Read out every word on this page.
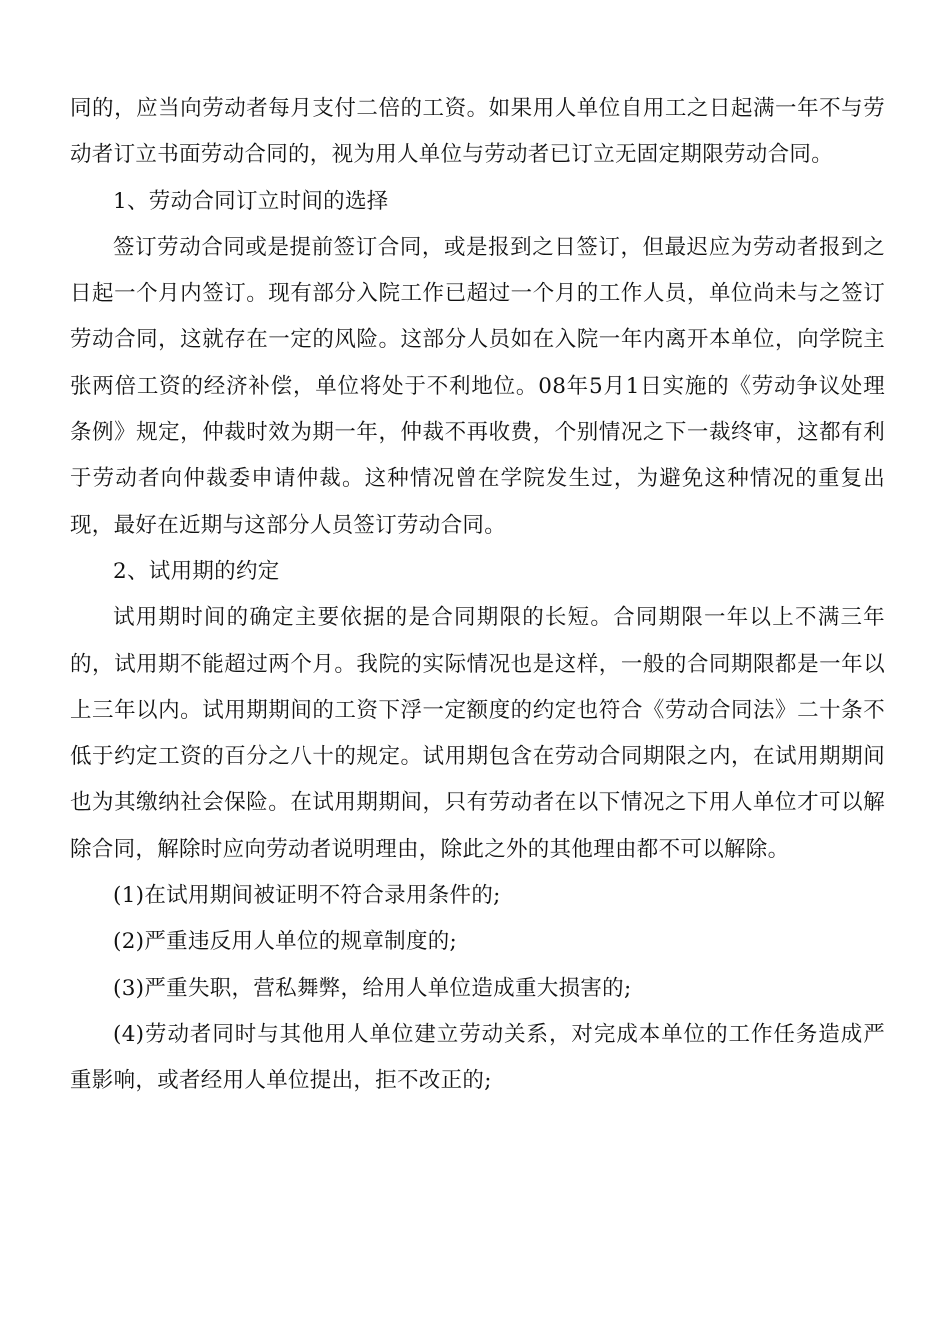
同的，应当向劳动者每月支付二倍的工资。如果用人单位自用工之日起满一年不与劳动者订立书面劳动合同的，视为用人单位与劳动者已订立无固定期限劳动合同。

1、劳动合同订立时间的选择

签订劳动合同或是提前签订合同，或是报到之日签订，但最迟应为劳动者报到之日起一个月内签订。现有部分入院工作已超过一个月的工作人员，单位尚未与之签订劳动合同，这就存在一定的风险。这部分人员如在入院一年内离开本单位，向学院主张两倍工资的经济补偿，单位将处于不利地位。08年5月1日实施的《劳动争议处理条例》规定，仲裁时效为期一年，仲裁不再收费，个别情况之下一裁终审，这都有利于劳动者向仲裁委申请仲裁。这种情况曾在学院发生过，为避免这种情况的重复出现，最好在近期与这部分人员签订劳动合同。

2、试用期的约定

试用期时间的确定主要依据的是合同期限的长短。合同期限一年以上不满三年的，试用期不能超过两个月。我院的实际情况也是这样，一般的合同期限都是一年以上三年以内。试用期期间的工资下浮一定额度的约定也符合《劳动合同法》二十条不低于约定工资的百分之八十的规定。试用期包含在劳动合同期限之内，在试用期期间也为其缴纳社会保险。在试用期期间，只有劳动者在以下情况之下用人单位才可以解除合同，解除时应向劳动者说明理由，除此之外的其他理由都不可以解除。

(1)在试用期间被证明不符合录用条件的;

(2)严重违反用人单位的规章制度的;

(3)严重失职，营私舞弊，给用人单位造成重大损害的;

(4)劳动者同时与其他用人单位建立劳动关系，对完成本单位的工作任务造成严重影响，或者经用人单位提出，拒不改正的;
